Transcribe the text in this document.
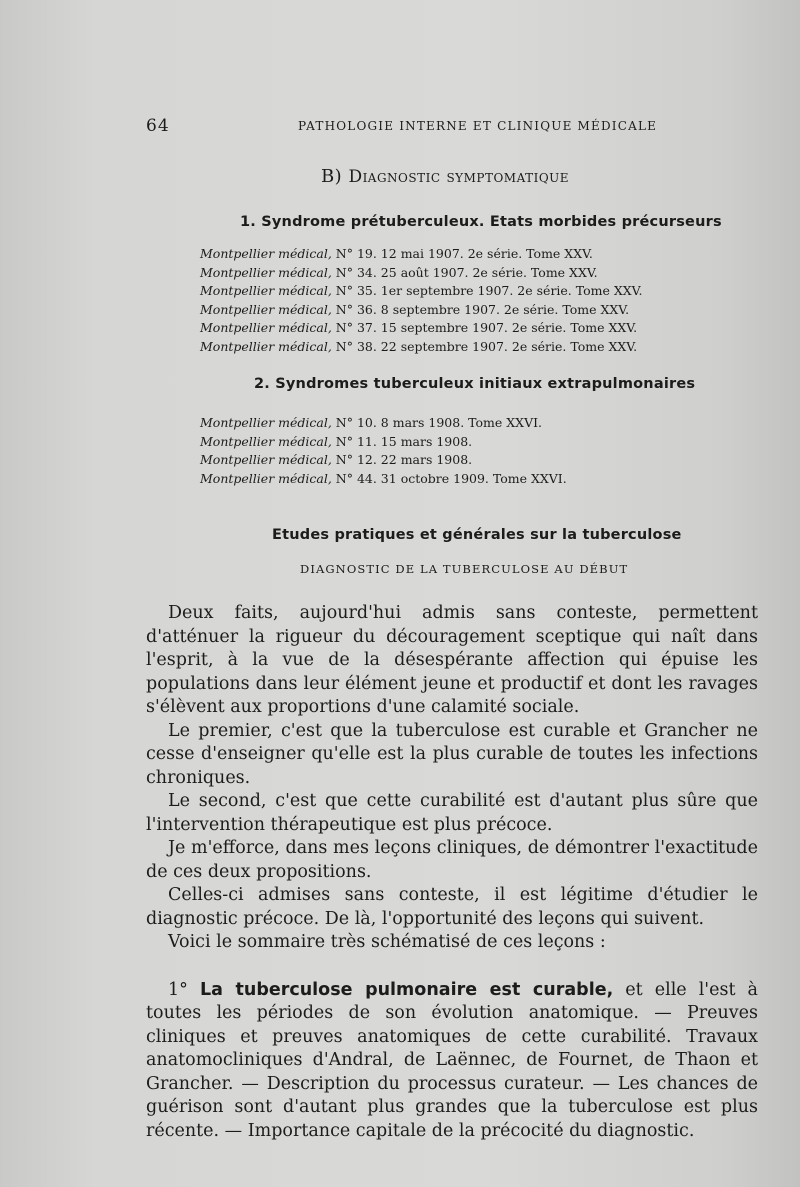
64	PATHOLOGIE INTERNE ET CLINIQUE MÉDICALE
B) Diagnostic symptomatique
1. Syndrome prétuberculeux. Etats morbides précurseurs
Montpellier médical, N° 19. 12 mai 1907. 2e série. Tome XXV.
Montpellier médical, N° 34. 25 août 1907. 2e série. Tome XXV.
Montpellier médical, N° 35. 1er septembre 1907. 2e série. Tome XXV.
Montpellier médical, N° 36. 8 septembre 1907. 2e série. Tome XXV.
Montpellier médical, N° 37. 15 septembre 1907. 2e série. Tome XXV.
Montpellier médical, N° 38. 22 septembre 1907. 2e série. Tome XXV.
2. Syndromes tuberculeux initiaux extrapulmonaires
Montpellier médical, N° 10. 8 mars 1908. Tome XXVI.
Montpellier médical, N° 11. 15 mars 1908.
Montpellier médical, N° 12. 22 mars 1908.
Montpellier médical, N° 44. 31 octobre 1909. Tome XXVI.
Etudes pratiques et générales sur la tuberculose
DIAGNOSTIC DE LA TUBERCULOSE AU DÉBUT

Deux faits, aujourd'hui admis sans conteste, permettent d'atténuer la rigueur du découragement sceptique qui naît dans l'esprit, à la vue de la désespérante affection qui épuise les populations dans leur élément jeune et productif et dont les ravages s'élèvent aux proportions d'une calamité sociale.

Le premier, c'est que la tuberculose est curable et Grancher ne cesse d'enseigner qu'elle est la plus curable de toutes les infections chroniques.

Le second, c'est que cette curabilité est d'autant plus sûre que l'intervention thérapeutique est plus précoce.

Je m'efforce, dans mes leçons cliniques, de démontrer l'exactitude de ces deux propositions.

Celles-ci admises sans conteste, il est légitime d'étudier le diagnostic précoce. De là, l'opportunité des leçons qui suivent.

Voici le sommaire très schématisé de ces leçons :

1° La tuberculose pulmonaire est curable, et elle l'est à toutes les périodes de son évolution anatomique. — Preuves cliniques et preuves anatomiques de cette curabilité. Travaux anatomocliniques d'Andral, de Laënnec, de Fournet, de Thaon et Grancher. — Description du processus curateur. — Les chances de guérison sont d'autant plus grandes que la tuberculose est plus récente. — Importance capitale de la précocité du diagnostic.
